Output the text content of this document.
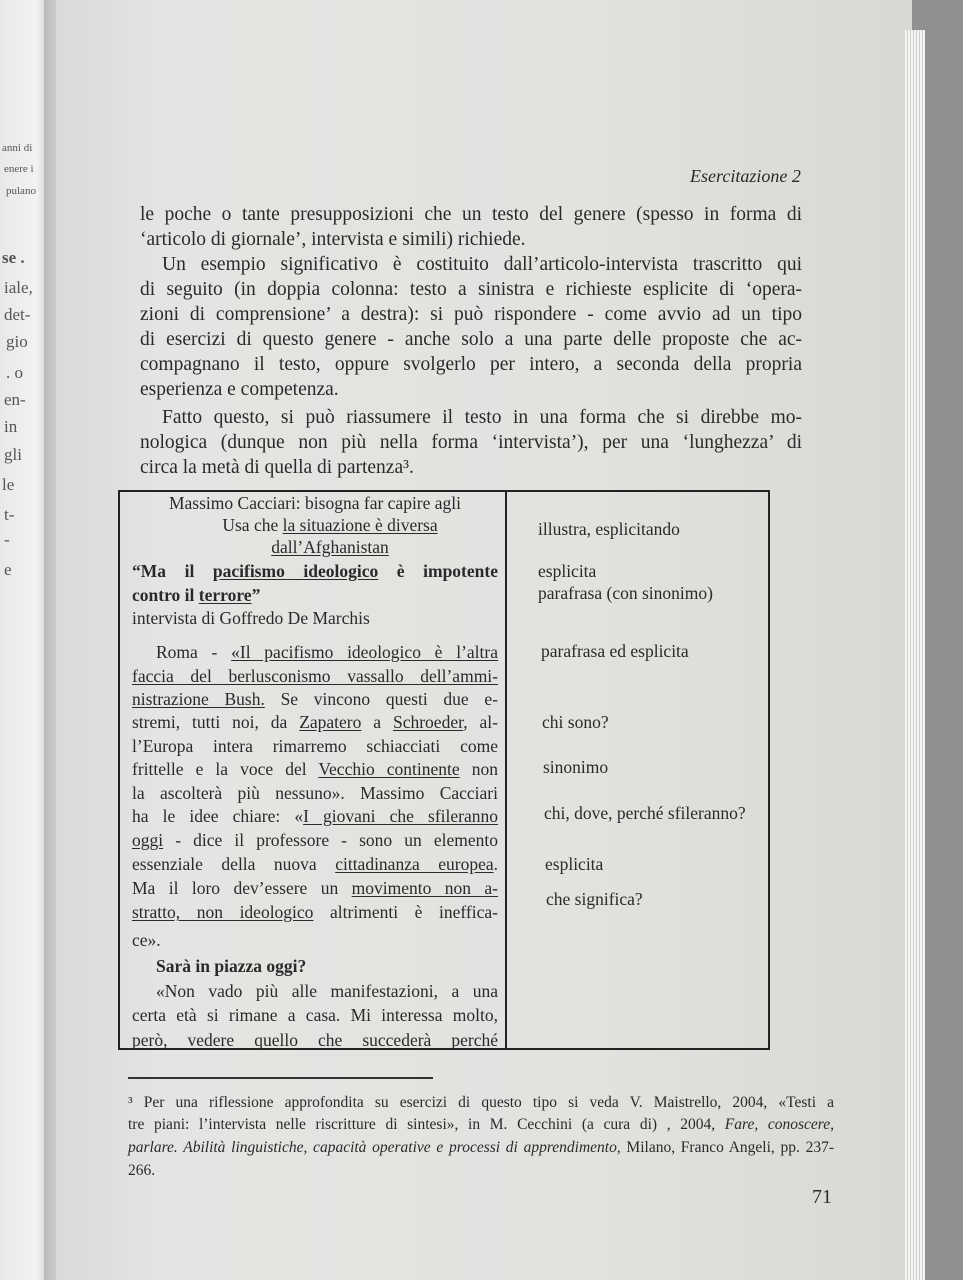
anni di
enere i
pulano
se .
iale,
det-
gio
. o
en-
in
gli
le
t-
-
e
Esercitazione 2
le poche o tante presupposizioni che un testo del genere (spesso in forma di
‘articolo di giornale’, intervista e simili) richiede.
Un esempio significativo è costituito dall’articolo-intervista trascritto qui
di seguito (in doppia colonna: testo a sinistra e richieste esplicite di ‘opera-
zioni di comprensione’ a destra): si può rispondere - come avvio ad un tipo
di esercizi di questo genere - anche solo a una parte delle proposte che ac-
compagnano il testo, oppure svolgerlo per intero, a seconda della propria
esperienza e competenza.
Fatto questo, si può riassumere il testo in una forma che si direbbe mo-
nologica (dunque non più nella forma ‘intervista’), per una ‘lunghezza’ di
circa la metà di quella di partenza³.
Massimo Cacciari: bisogna far capire agli
Usa che la situazione è diversa
dall’Afghanistan
“Ma il pacifismo ideologico è impotente
contro il terrore”
intervista di Goffredo De Marchis
Roma - «Il pacifismo ideologico è l’altra
faccia del berlusconismo vassallo dell’ammi-
nistrazione Bush. Se vincono questi due e-
stremi, tutti noi, da Zapatero a Schroeder, al-
l’Europa intera rimarremo schiacciati come
frittelle e la voce del Vecchio continente non
la ascolterà più nessuno». Massimo Cacciari
ha le idee chiare: «I giovani che sfileranno
oggi - dice il professore - sono un elemento
essenziale della nuova cittadinanza europea.
Ma il loro dev’essere un movimento non a-
stratto, non ideologico altrimenti è ineffica-
ce».
Sarà in piazza oggi?
«Non vado più alle manifestazioni, a una
certa età si rimane a casa. Mi interessa molto,
però, vedere quello che succederà perché
illustra, esplicitando
esplicita
parafrasa (con sinonimo)
parafrasa ed esplicita
chi sono?
sinonimo
chi, dove, perché sfileranno?
esplicita
che significa?
³ Per una riflessione approfondita su esercizi di questo tipo si veda V. Maistrello, 2004, «Testi a
tre piani: l’intervista nelle riscritture di sintesi», in M. Cecchini (a cura di) , 2004, Fare, conoscere,
parlare. Abilità linguistiche, capacità operative e processi di apprendimento, Milano, Franco Angeli, pp. 237-
266.
71
